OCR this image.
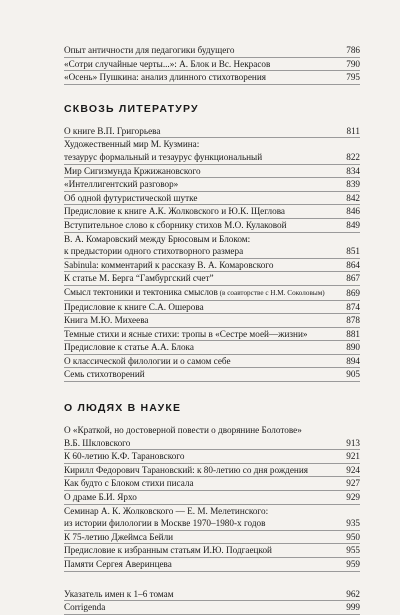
Опыт античности для педагогики будущего	786
«Сотри случайные черты...»: А. Блок и Вс. Некрасов	790
«Осень» Пушкина: анализ длинного стихотворения	795
СКВОЗЬ ЛИТЕРАТУРУ
О книге В.П. Григорьева	811
Художественный мир М. Кузмина:
тезаурус формальный и тезаурус функциональный	822
Мир Сигизмунда Кржижановского	834
«Интеллигентский разговор»	839
Об одной футуристической шутке	842
Предисловие к книге А.К. Жолковского и Ю.К. Щеглова	846
Вступительное слово к сборнику стихов М.О. Кулаковой	849
В. А. Комаровский между Брюсовым и Блоком:
к предыстории одного стихотворного размера	851
Sabinula: комментарий к рассказу В. А. Комаровского	864
К статье М. Берга “Гамбургский счет”	867
Смысл тектоники и тектоника смыслов (в соавторстве с Н.М. Соколовым)	869
Предисловие к книге С.А. Ошерова	874
Книга М.Ю. Михеева	878
Темные стихи и ясные стихи: тропы в «Сестре моей—жизни»	881
Предисловие к статье А.А. Блока	890
О классической филологии и о самом себе	894
Семь стихотворений	905
О ЛЮДЯХ В НАУКЕ
О «Краткой, но достоверной повести о дворянине Болотове»
В.Б. Шкловского	913
К 60-летию К.Ф. Тарановского	921
Кирилл Федорович Тарановский: к 80-летию со дня рождения	924
Как будто с Блоком стихи писала	927
О драме Б.И. Ярхо	929
Семинар А. К. Жолковского — Е. М. Мелетинского:
из истории филологии в Москве 1970–1980-х годов	935
К 75-летию Джеймса Бейли	950
Предисловие к избранным статьям И.Ю. Подгаецкой	955
Памяти Сергея Аверинцева	959
Указатель имен к 1–6 томам	962
Corrigenda	999
